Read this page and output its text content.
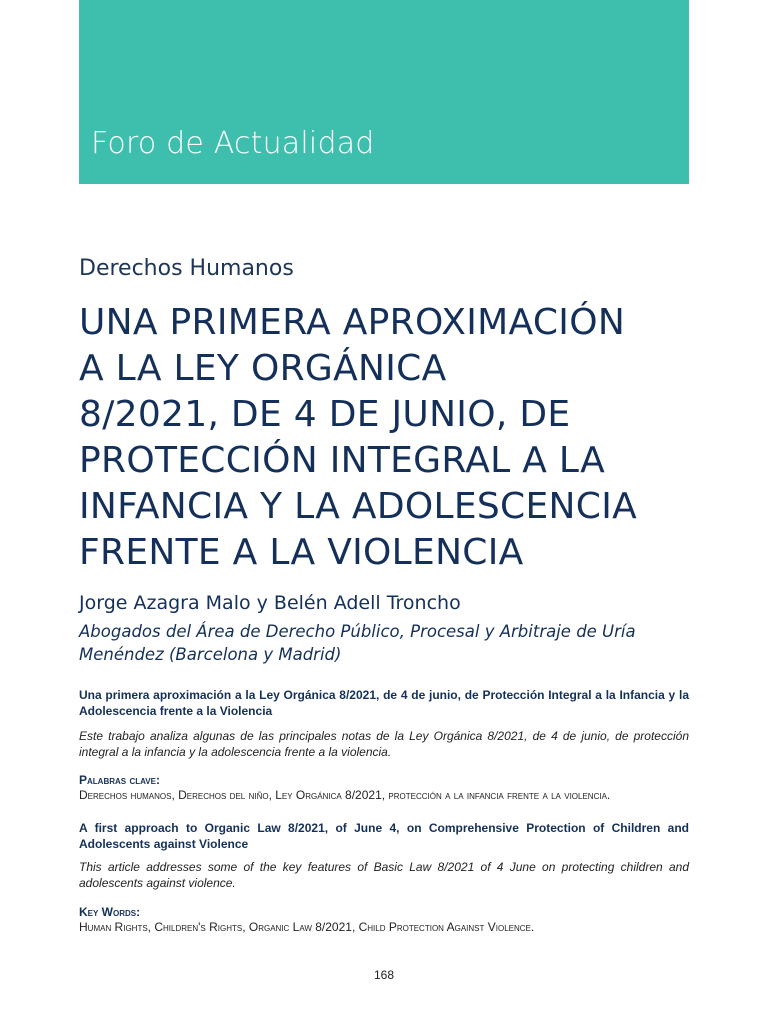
Foro de Actualidad
Derechos Humanos
UNA PRIMERA APROXIMACIÓN
A LA LEY ORGÁNICA
8/2021, DE 4 DE JUNIO, DE
PROTECCIÓN INTEGRAL A LA
INFANCIA Y LA ADOLESCENCIA
FRENTE A LA VIOLENCIA
Jorge Azagra Malo y Belén Adell Troncho
Abogados del Área de Derecho Público, Procesal y Arbitraje de Uría Menéndez (Barcelona y Madrid)
Una primera aproximación a la Ley Orgánica 8/2021, de 4 de junio, de Protección Integral a la Infancia y la Adolescencia frente a la Violencia
Este trabajo analiza algunas de las principales notas de la Ley Orgánica 8/2021, de 4 de junio, de protección integral a la infancia y la adolescencia frente a la violencia.
Palabras clave:
Derechos humanos, Derechos del niño, Ley Orgánica 8/2021, protección a la infancia frente a la violencia.
A first approach to Organic Law 8/2021, of June 4, on Comprehensive Protection of Children and Adolescents against Violence
This article addresses some of the key features of Basic Law 8/2021 of 4 June on protecting children and adolescents against violence.
Key Words:
Human Rights, Children's Rights, Organic Law 8/2021, Child Protection Against Violence.
168
